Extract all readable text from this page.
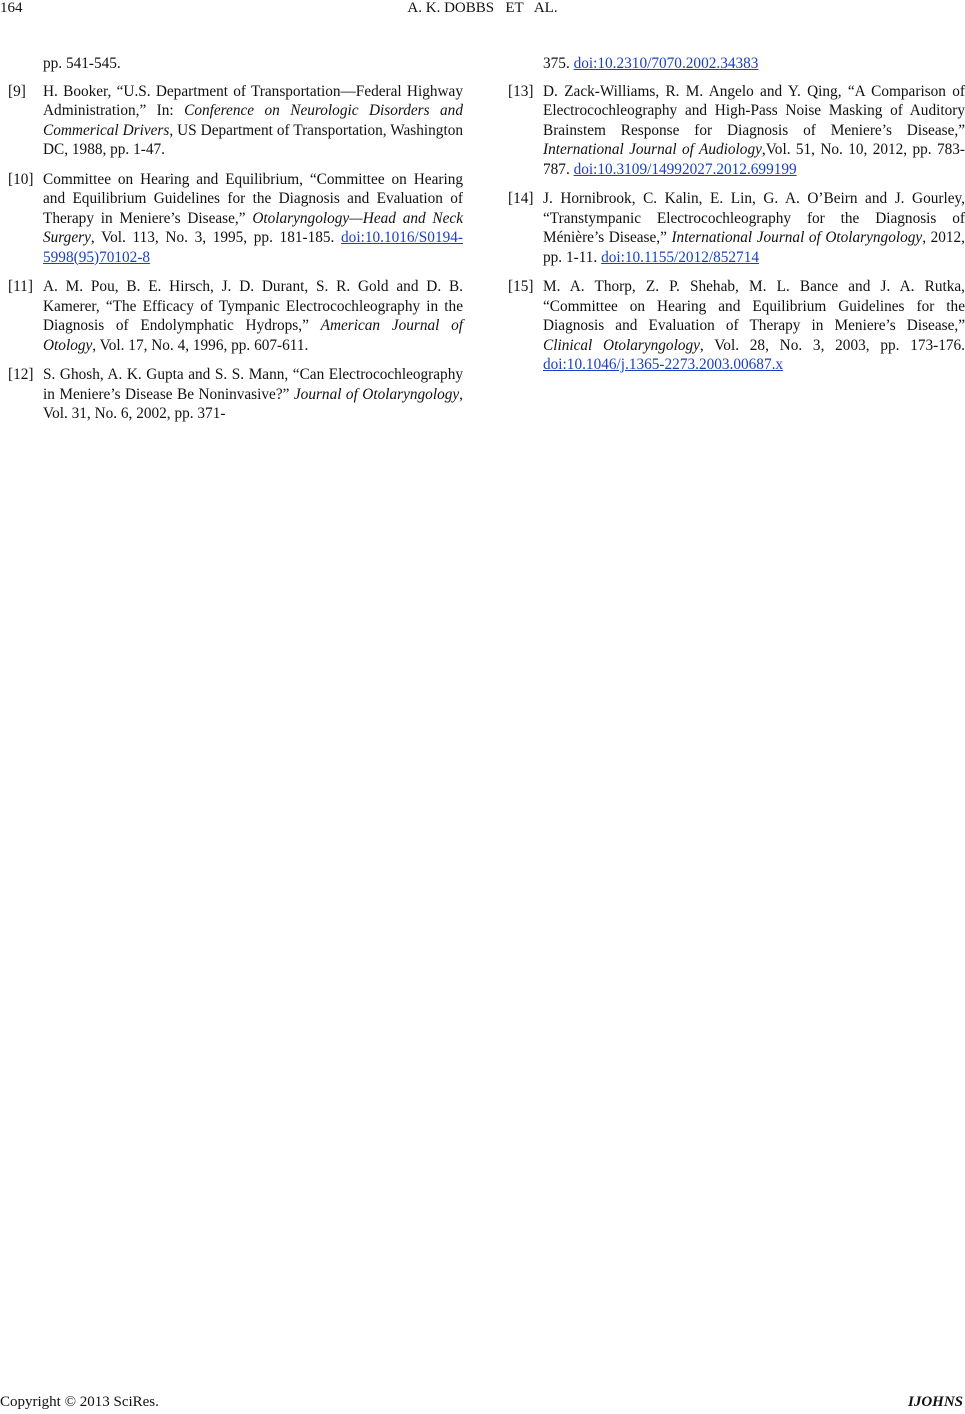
164	A. K. DOBBS   ET   AL.
pp. 541-545.
[9] H. Booker, “U.S. Department of Transportation—Federal Highway Administration,” In: Conference on Neurologic Disorders and Commerical Drivers, US Department of Transportation, Washington DC, 1988, pp. 1-47.
[10] Committee on Hearing and Equilibrium, “Committee on Hearing and Equilibrium Guidelines for the Diagnosis and Evaluation of Therapy in Meniere’s Disease,” Otolaryngology—Head and Neck Surgery, Vol. 113, No. 3, 1995, pp. 181-185. doi:10.1016/S0194-5998(95)70102-8
[11] A. M. Pou, B. E. Hirsch, J. D. Durant, S. R. Gold and D. B. Kamerer, “The Efficacy of Tympanic Electrocochleography in the Diagnosis of Endolymphatic Hydrops,” American Journal of Otology, Vol. 17, No. 4, 1996, pp. 607-611.
[12] S. Ghosh, A. K. Gupta and S. S. Mann, “Can Electrocochleography in Meniere’s Disease Be Noninvasive?” Journal of Otolaryngology, Vol. 31, No. 6, 2002, pp. 371-
375. doi:10.2310/7070.2002.34383
[13] D. Zack-Williams, R. M. Angelo and Y. Qing, “A Comparison of Electrocochleography and High-Pass Noise Masking of Auditory Brainstem Response for Diagnosis of Meniere’s Disease,” International Journal of Audiology,Vol. 51, No. 10, 2012, pp. 783-787. doi:10.3109/14992027.2012.699199
[14] J. Hornibrook, C. Kalin, E. Lin, G. A. O’Beirn and J. Gourley, “Transtympanic Electrocochleography for the Diagnosis of Ménière’s Disease,” International Journal of Otolaryngology, 2012, pp. 1-11. doi:10.1155/2012/852714
[15] M. A. Thorp, Z. P. Shehab, M. L. Bance and J. A. Rutka, “Committee on Hearing and Equilibrium Guidelines for the Diagnosis and Evaluation of Therapy in Meniere’s Disease,” Clinical Otolaryngology, Vol. 28, No. 3, 2003, pp. 173-176. doi:10.1046/j.1365-2273.2003.00687.x
Copyright © 2013 SciRes.	IJOHNS
